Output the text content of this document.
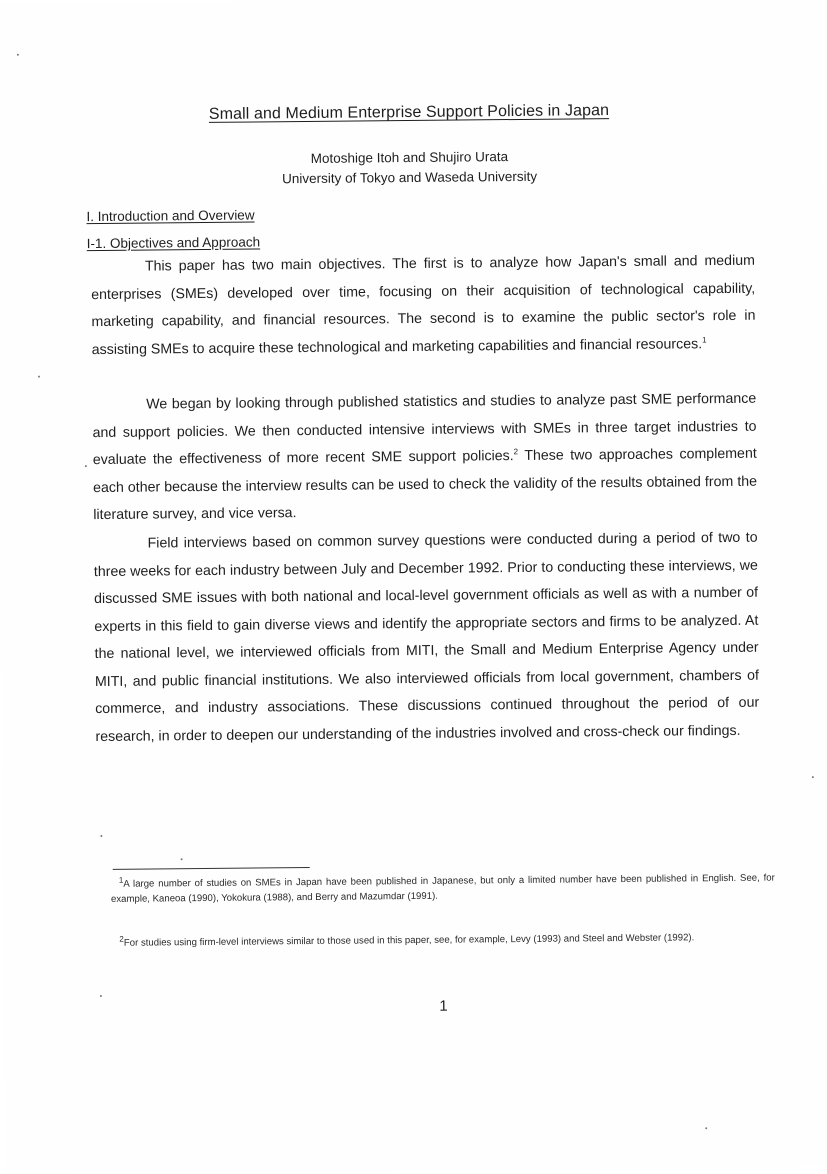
Small and Medium Enterprise Support Policies in Japan
Motoshige Itoh and Shujiro Urata
University of Tokyo and Waseda University
I. Introduction and Overview
I-1. Objectives and Approach

This paper has two main objectives. The first is to analyze how Japan's small and medium enterprises (SMEs) developed over time, focusing on their acquisition of technological capability, marketing capability, and financial resources. The second is to examine the public sector's role in assisting SMEs to acquire these technological and marketing capabilities and financial resources.$^1$

We began by looking through published statistics and studies to analyze past SME performance and support policies. We then conducted intensive interviews with SMEs in three target industries to evaluate the effectiveness of more recent SME support policies.$^2$ These two approaches complement each other because the interview results can be used to check the validity of the results obtained from the literature survey, and vice versa.

Field interviews based on common survey questions were conducted during a period of two to three weeks for each industry between July and December 1992. Prior to conducting these interviews, we discussed SME issues with both national and local-level government officials as well as with a number of experts in this field to gain diverse views and identify the appropriate sectors and firms to be analyzed. At the national level, we interviewed officials from MITI, the Small and Medium Enterprise Agency under MITI, and public financial institutions. We also interviewed officials from local government, chambers of commerce, and industry associations. These discussions continued throughout the period of our research, in order to deepen our understanding of the industries involved and cross-check our findings.

$^1$A large number of studies on SMEs in Japan have been published in Japanese, but only a limited number have been published in English. See, for example, Kaneoa (1990), Yokokura (1988), and Berry and Mazumdar (1991).
$^2$For studies using firm-level interviews similar to those used in this paper, see, for example, Levy (1993) and Steel and Webster (1992).
1
